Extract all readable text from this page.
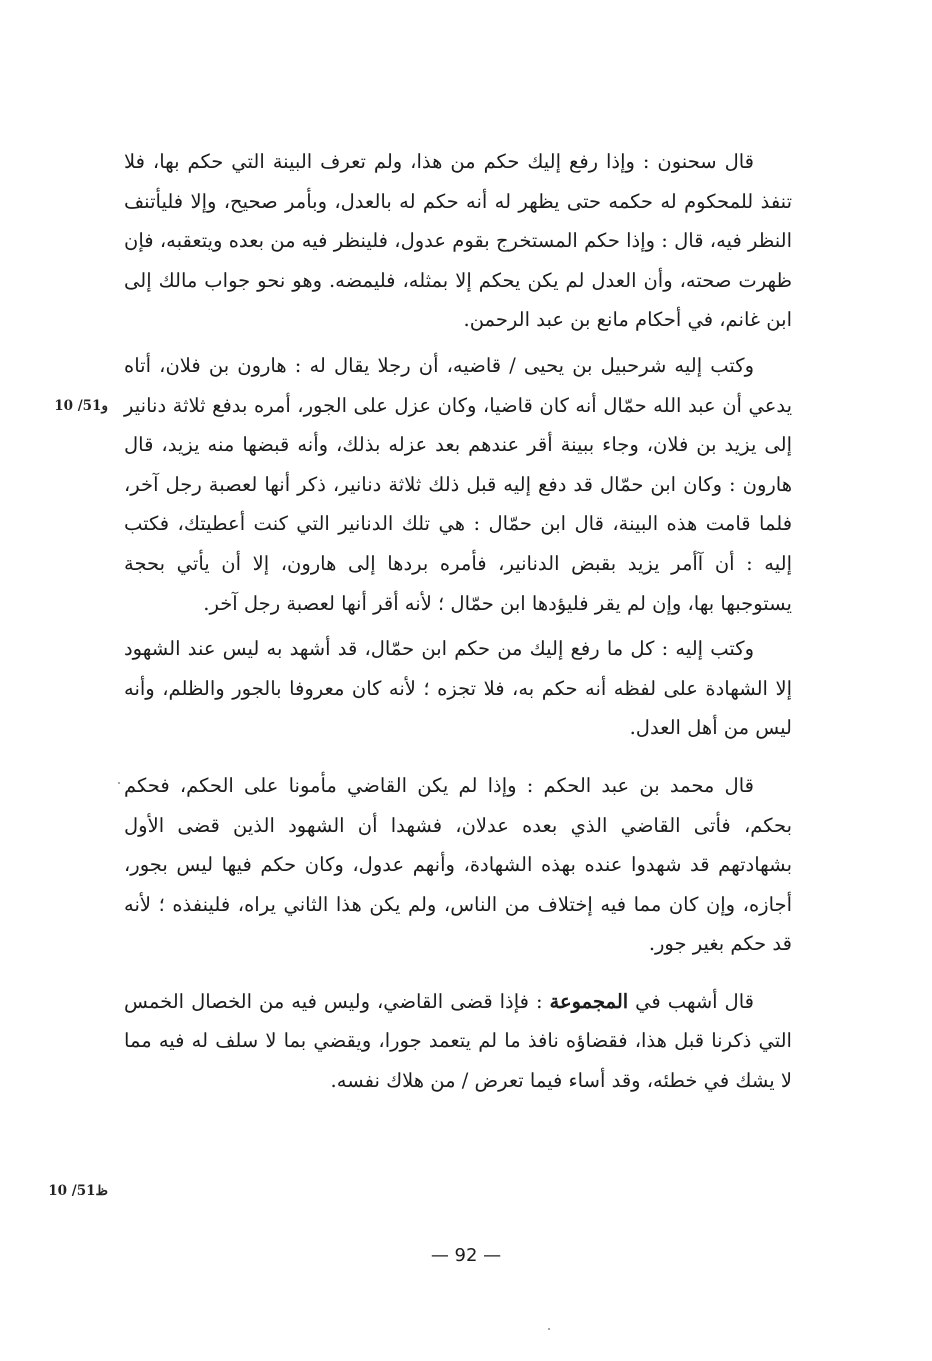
قال سحنون : وإذا رفع إليك حكم من هذا، ولم تعرف البينة التي حكم بها، فلا تنفذ للمحكوم له حكمه حتى يظهر له أنه حكم له بالعدل، وبأمر صحيح، وإلا فليأتنف النظر فيه، قال : وإذا حكم المستخرج بقوم عدول، فلينظر فيه من بعده ويتعقبه، فإن ظهرت صحته، وأن العدل لم يكن يحكم إلا بمثله، فليمضه. وهو نحو جواب مالك إلى ابن غانم، في أحكام مانع بن عبد الرحمن.

وكتب إليه شرحبيل بن يحيى / قاضيه، أن رجلا يقال له : هارون بن فلان، أتاه يدعي أن عبد الله حمّال أنه كان قاضيا، وكان عزل على الجور، أمره بدفع ثلاثة دنانير إلى يزيد بن فلان، وجاء ببينة أقر عندهم بعد عزله بذلك، وأنه قبضها منه يزيد، قال هارون : وكان ابن حمّال قد دفع إليه قبل ذلك ثلاثة دنانير، ذكر أنها لعصبة رجل آخر، فلما قامت هذه البينة، قال ابن حمّال : هي تلك الدنانير التي كنت أعطيتك، فكتب إليه : أن آأمر يزيد بقبض الدنانير، فأمره بردها إلى هارون، إلا أن يأتي بحجة يستوجبها بها، وإن لم يقر فليؤدها ابن حمّال ؛ لأنه أقر أنها لعصبة رجل آخر.

وكتب إليه : كل ما رفع إليك من حكم ابن حمّال، قد أشهد به ليس عند الشهود إلا الشهادة على لفظه أنه حكم به، فلا تجزه ؛ لأنه كان معروفا بالجور والظلم، وأنه ليس من أهل العدل.

قال محمد بن عبد الحكم : وإذا لم يكن القاضي مأمونا على الحكم، فحكم بحكم، فأتى القاضي الذي بعده عدلان، فشهدا أن الشهود الذين قضى الأول بشهادتهم قد شهدوا عنده بهذه الشهادة، وأنهم عدول، وكان حكم فيها ليس بجور، أجازه، وإن كان مما فيه إختلاف من الناس، ولم يكن هذا الثاني يراه، فلينفذه ؛ لأنه قد حكم بغير جور.

قال أشهب في المجموعة : فإذا قضى القاضي، وليس فيه من الخصال الخمس التي ذكرنا قبل هذا، فقضاؤه نافذ ما لم يتعمد جورا، ويقضي بما لا سلف له فيه مما لا يشك في خطئه، وقد أساء فيما تعرض / من هلاك نفسه.

10 /51و
10 /51ظ
— 92 —
